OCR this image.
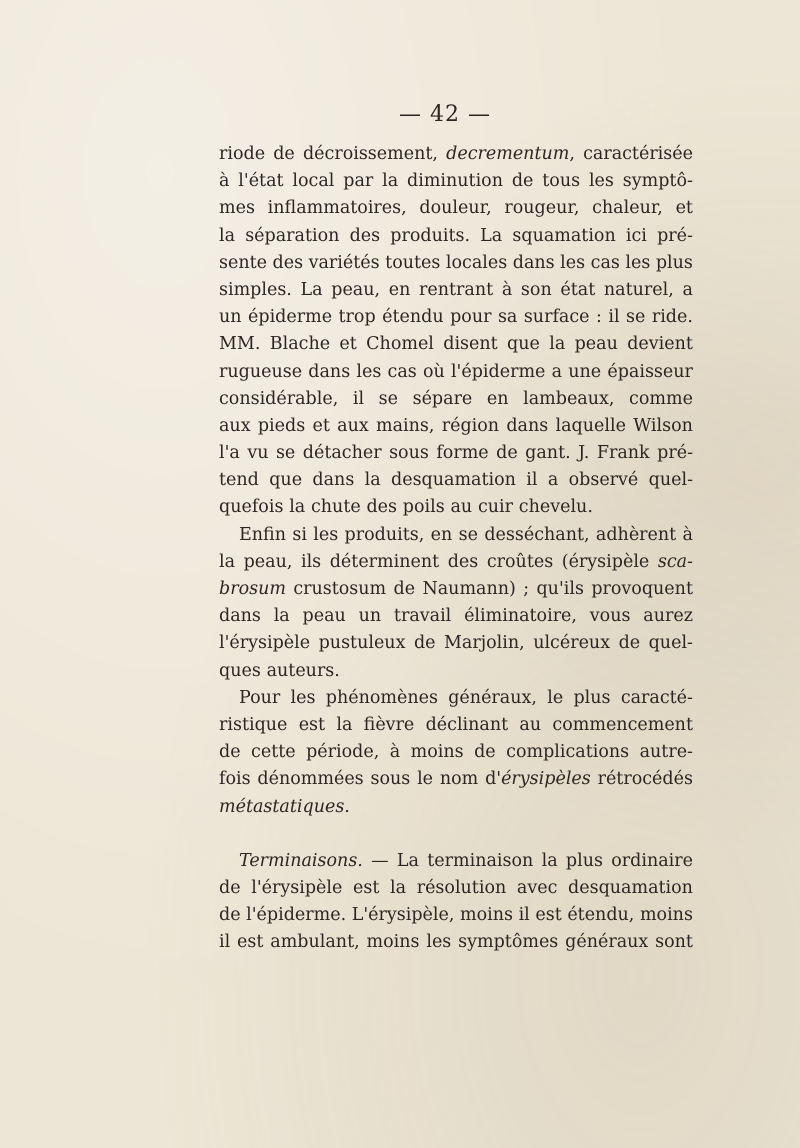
— 42 —
riode de décroissement, decrementum, caractérisée
à l'état local par la diminution de tous les symptô-
mes inflammatoires, douleur, rougeur, chaleur, et
la séparation des produits. La squamation ici pré-
sente des variétés toutes locales dans les cas les plus
simples. La peau, en rentrant à son état naturel, a
un épiderme trop étendu pour sa surface : il se ride.
MM. Blache et Chomel disent que la peau devient
rugueuse dans les cas où l'épiderme a une épaisseur
considérable, il se sépare en lambeaux, comme
aux pieds et aux mains, région dans laquelle Wilson
l'a vu se détacher sous forme de gant. J. Frank pré-
tend que dans la desquamation il a observé quel-
quefois la chute des poils au cuir chevelu.
Enfin si les produits, en se desséchant, adhèrent à
la peau, ils déterminent des croûtes (érysipèle sca-
brosum crustosum de Naumann) ; qu'ils provoquent
dans la peau un travail éliminatoire, vous aurez
l'érysipèle pustuleux de Marjolin, ulcéreux de quel-
ques auteurs.
Pour les phénomènes généraux, le plus caracté-
ristique est la fièvre déclinant au commencement
de cette période, à moins de complications autre-
fois dénommées sous le nom d'érysipèles rétrocédés
métastatiques.
Terminaisons. — La terminaison la plus ordinaire
de l'érysipèle est la résolution avec desquamation
de l'épiderme. L'érysipèle, moins il est étendu, moins
il est ambulant, moins les symptômes généraux sont
